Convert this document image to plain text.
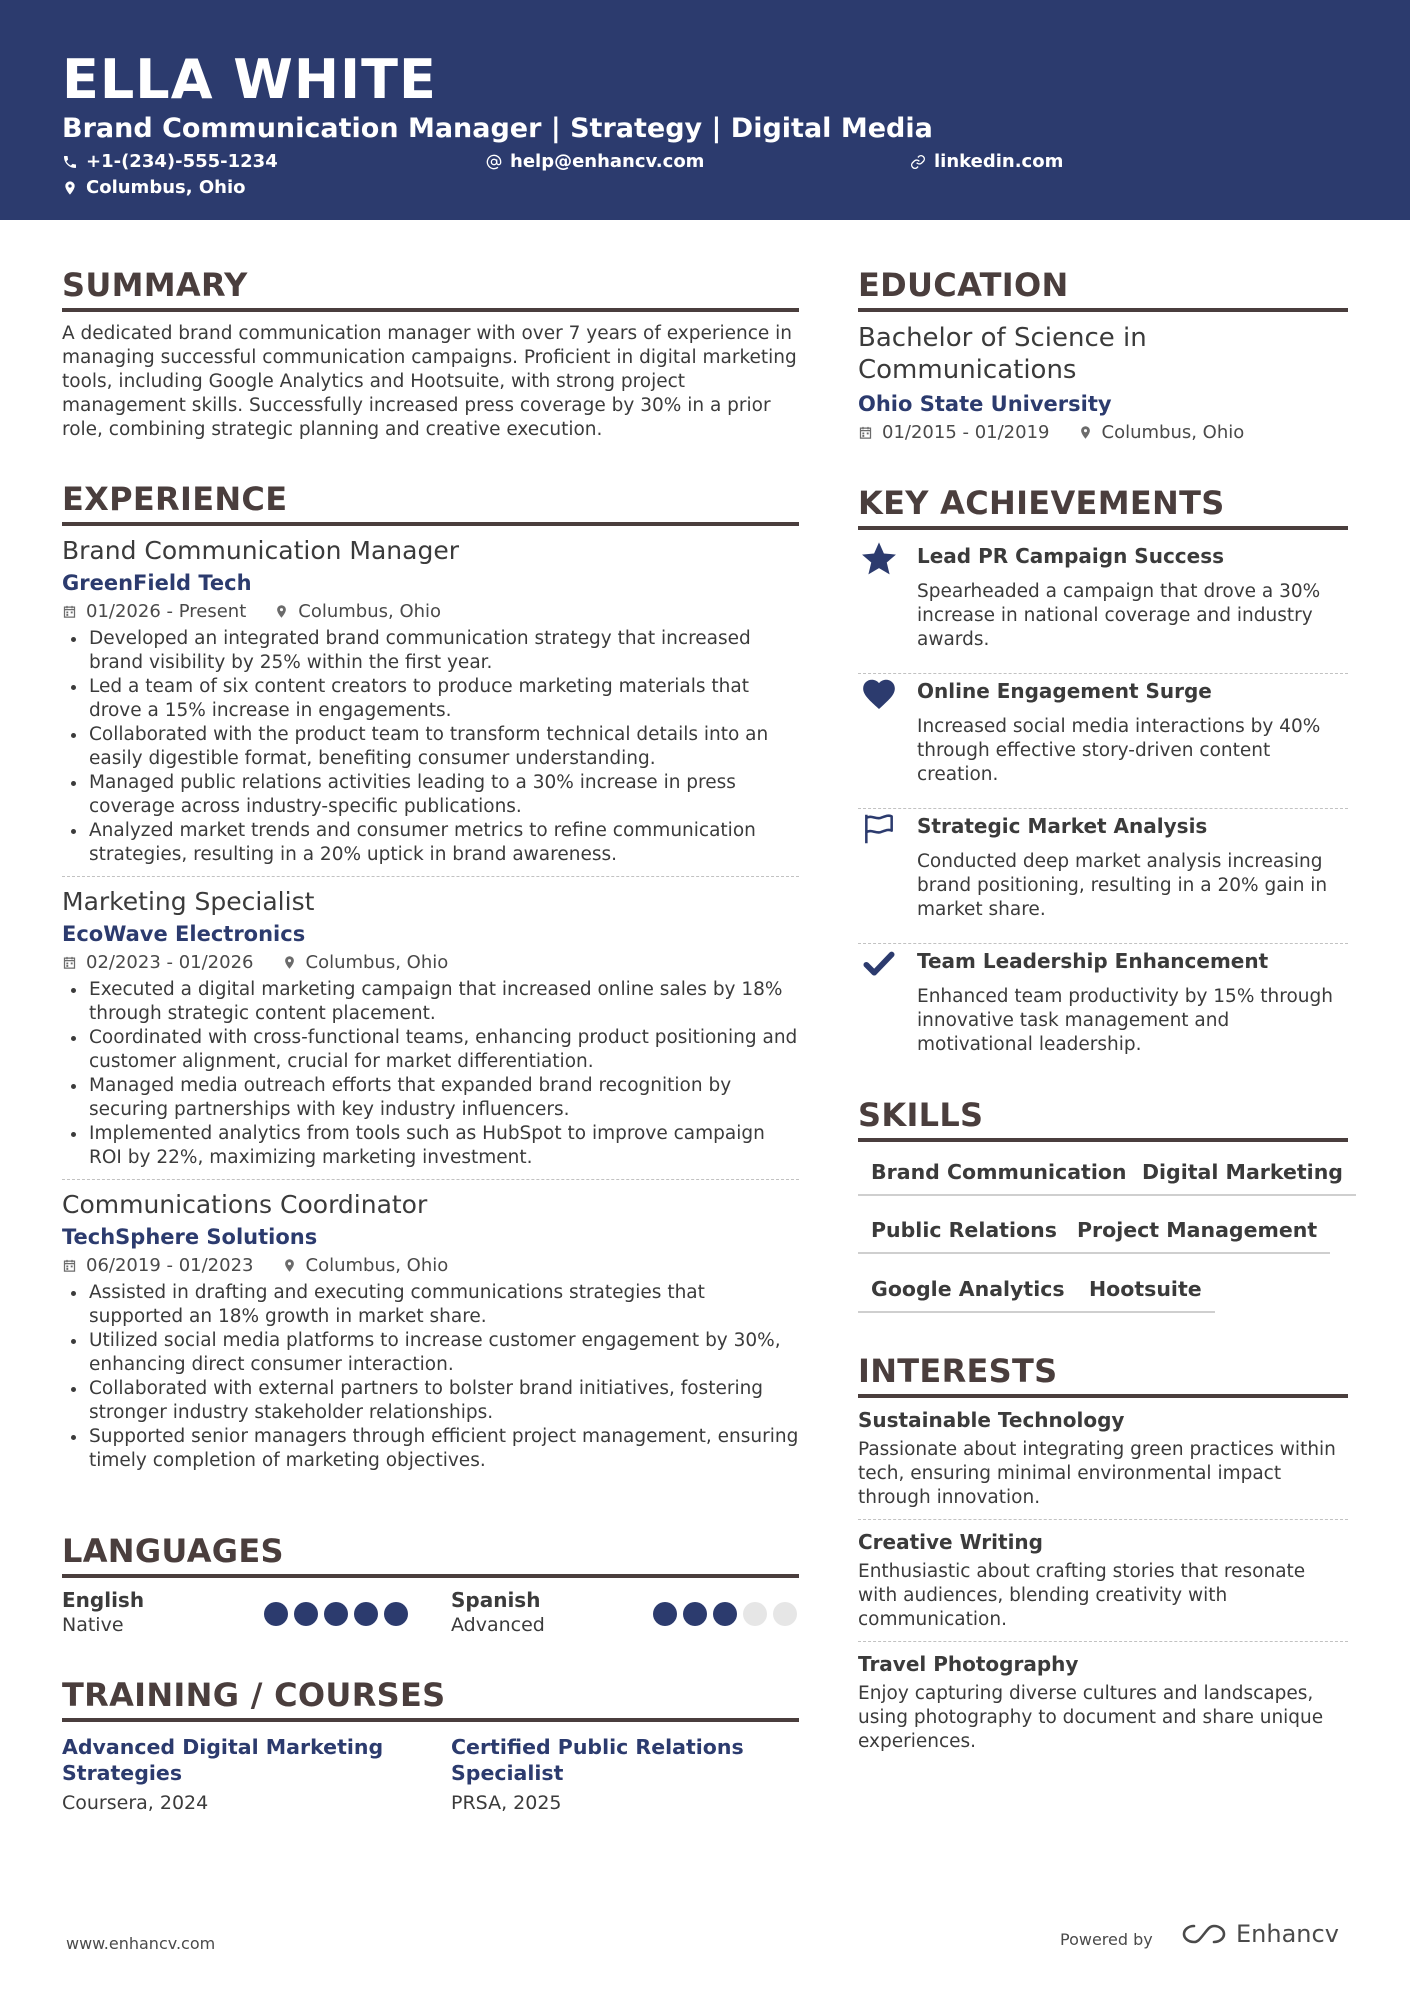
ELLA WHITE
Brand Communication Manager | Strategy | Digital Media
+1-(234)-555-1234	help@enhancv.com	linkedin.com
Columbus, Ohio
SUMMARY
A dedicated brand communication manager with over 7 years of experience in managing successful communication campaigns. Proficient in digital marketing tools, including Google Analytics and Hootsuite, with strong project management skills. Successfully increased press coverage by 30% in a prior role, combining strategic planning and creative execution.
EXPERIENCE
Brand Communication Manager
GreenField Tech
01/2026 - Present	Columbus, Ohio
Developed an integrated brand communication strategy that increased brand visibility by 25% within the first year.
Led a team of six content creators to produce marketing materials that drove a 15% increase in engagements.
Collaborated with the product team to transform technical details into an easily digestible format, benefiting consumer understanding.
Managed public relations activities leading to a 30% increase in press coverage across industry-specific publications.
Analyzed market trends and consumer metrics to refine communication strategies, resulting in a 20% uptick in brand awareness.
Marketing Specialist
EcoWave Electronics
02/2023 - 01/2026	Columbus, Ohio
Executed a digital marketing campaign that increased online sales by 18% through strategic content placement.
Coordinated with cross-functional teams, enhancing product positioning and customer alignment, crucial for market differentiation.
Managed media outreach efforts that expanded brand recognition by securing partnerships with key industry influencers.
Implemented analytics from tools such as HubSpot to improve campaign ROI by 22%, maximizing marketing investment.
Communications Coordinator
TechSphere Solutions
06/2019 - 01/2023	Columbus, Ohio
Assisted in drafting and executing communications strategies that supported an 18% growth in market share.
Utilized social media platforms to increase customer engagement by 30%, enhancing direct consumer interaction.
Collaborated with external partners to bolster brand initiatives, fostering stronger industry stakeholder relationships.
Supported senior managers through efficient project management, ensuring timely completion of marketing objectives.
LANGUAGES
English
Native
Spanish
Advanced
TRAINING / COURSES
Advanced Digital Marketing Strategies
Coursera, 2024
Certified Public Relations Specialist
PRSA, 2025
EDUCATION
Bachelor of Science in Communications
Ohio State University
01/2015 - 01/2019	Columbus, Ohio
KEY ACHIEVEMENTS
Lead PR Campaign Success
Spearheaded a campaign that drove a 30% increase in national coverage and industry awards.
Online Engagement Surge
Increased social media interactions by 40% through effective story-driven content creation.
Strategic Market Analysis
Conducted deep market analysis increasing brand positioning, resulting in a 20% gain in market share.
Team Leadership Enhancement
Enhanced team productivity by 15% through innovative task management and motivational leadership.
SKILLS
Brand Communication Digital Marketing
Public Relations Project Management
Google Analytics	Hootsuite
INTERESTS
Sustainable Technology
Passionate about integrating green practices within tech, ensuring minimal environmental impact through innovation.
Creative Writing
Enthusiastic about crafting stories that resonate with audiences, blending creativity with communication.
Travel Photography
Enjoy capturing diverse cultures and landscapes, using photography to document and share unique experiences.
www.enhancv.com	Powered by	Enhancv
